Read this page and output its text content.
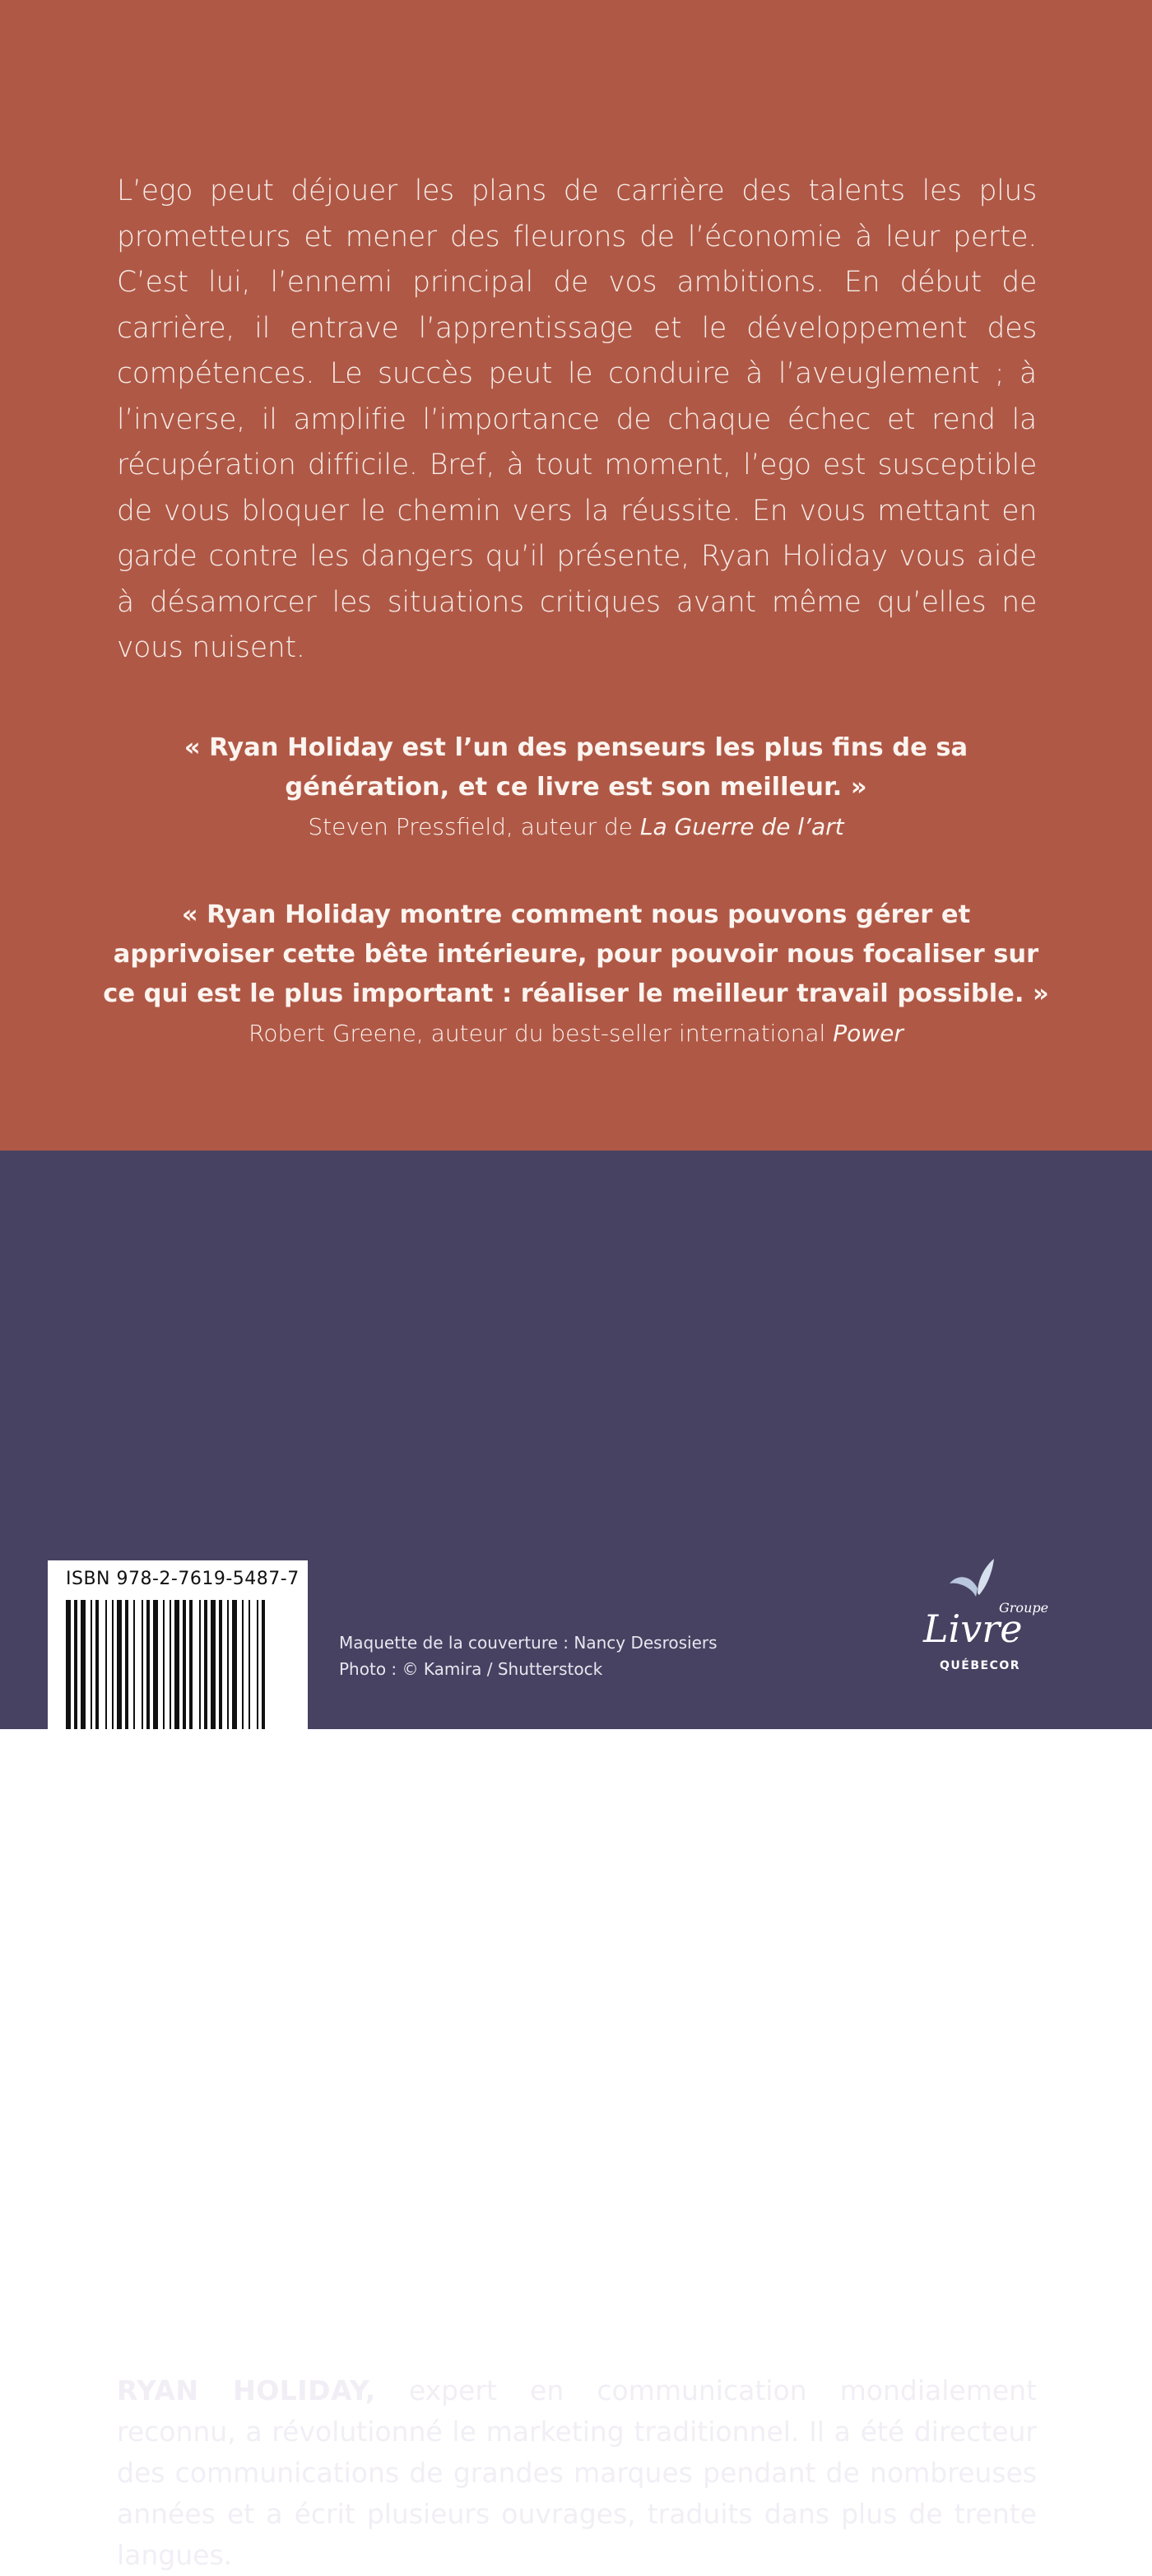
L’ego peut déjouer les plans de carrière des talents les plus prometteurs et mener des fleurons de l’économie à leur perte. C’est lui, l’ennemi principal de vos ambitions. En début de carrière, il entrave l’apprentissage et le développement des compétences. Le succès peut le conduire à l’aveuglement ; à l’inverse, il amplifie l’importance de chaque échec et rend la récupération difficile. Bref, à tout moment, l’ego est susceptible de vous bloquer le chemin vers la réussite. En vous mettant en garde contre les dangers qu’il présente, Ryan Holiday vous aide à désamorcer les situations critiques avant même qu’elles ne vous nuisent.

« Ryan Holiday est l’un des penseurs les plus fins de sa génération, et ce livre est son meilleur. »

Steven Pressfield, auteur de La Guerre de l’art

« Ryan Holiday montre comment nous pouvons gérer et apprivoiser cette bête intérieure, pour pouvoir nous focaliser sur ce qui est le plus important : réaliser le meilleur travail possible. »

Robert Greene, auteur du best-seller international Power

RYAN HOLIDAY, expert en communication mondialement reconnu, a révolutionné le marketing traditionnel. Il a été directeur des communications de grandes marques pendant de nombreuses années et a écrit plusieurs ouvrages, traduits dans plus de trente langues.

ISBN 978-2-7619-5487-7

Maquette de la couverture : Nancy Desrosiers

Photo : © Kamira / Shutterstock

Groupe
Livre
QUÉBECOR
